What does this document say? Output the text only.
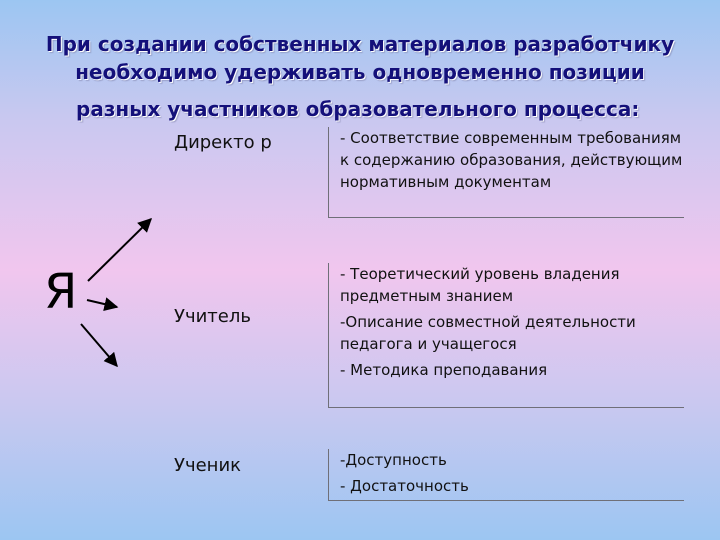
При создании собственных материалов разработчику
необходимо удерживать одновременно позиции
разных участников образовательного процесса:
Я
Директо р
Учитель
Ученик

- Соответствие современным требованиям к содержанию образования, действующим нормативным документам

- Теоретический уровень владения предметным знанием

-Описание совместной деятельности педагога и учащегося

- Методика преподавания

-Доступность

- Достаточность
